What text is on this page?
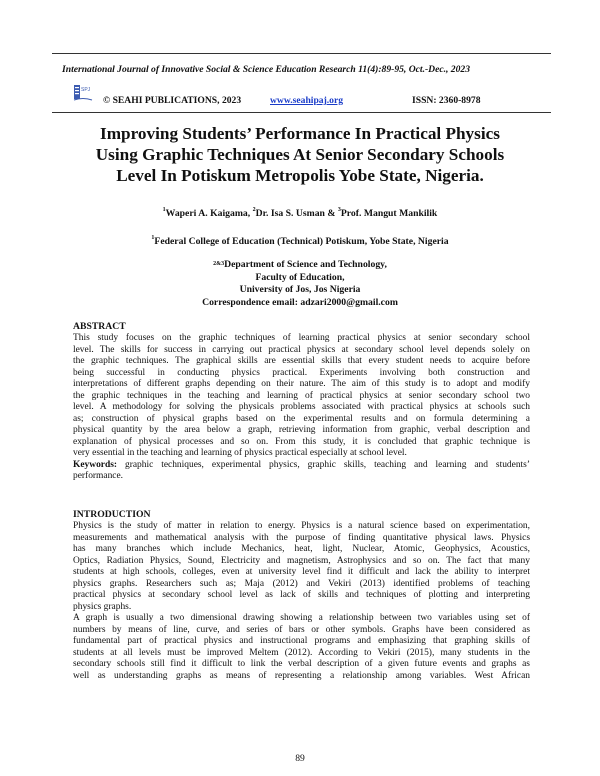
International Journal of Innovative Social & Science Education Research 11(4):89-95, Oct.-Dec., 2023
SPJ
© SEAHI PUBLICATIONS, 2023	www.seahipaj.org	ISSN: 2360-8978
Improving Students’ Performance In Practical Physics
Using Graphic Techniques At Senior Secondary Schools
Level In Potiskum Metropolis Yobe State, Nigeria.
$^1$Waperi A. Kaigama, $^2$Dr. Isa S. Usman & $^3$Prof. Mangut Mankilik
$^1$Federal College of Education (Technical) Potiskum, Yobe State, Nigeria
$^{2\&3}$Department of Science and Technology,
Faculty of Education,
University of Jos, Jos Nigeria
Correspondence email: adzari2000@gmail.com
ABSTRACT
This study focuses on the graphic techniques of learning practical physics at senior secondary school
level. The skills for success in carrying out practical physics at secondary school level depends solely on
the graphic techniques. The graphical skills are essential skills that every student needs to acquire before
being successful in conducting physics practical. Experiments involving both construction and
interpretations of different graphs depending on their nature. The aim of this study is to adopt and modify
the graphic techniques in the teaching and learning of practical physics at senior secondary school two
level. A methodology for solving the physicals problems associated with practical physics at schools such
as; construction of physical graphs based on the experimental results and on formula determining a
physical quantity by the area below a graph, retrieving information from graphic, verbal description and
explanation of physical processes and so on. From this study, it is concluded that graphic technique is
very essential in the teaching and learning of physics practical especially at school level.
Keywords: graphic techniques, experimental physics, graphic skills, teaching and learning and students’
performance.
INTRODUCTION
Physics is the study of matter in relation to energy. Physics is a natural science based on experimentation,
measurements and mathematical analysis with the purpose of finding quantitative physical laws. Physics
has many branches which include Mechanics, heat, light, Nuclear, Atomic, Geophysics, Acoustics,
Optics, Radiation Physics, Sound, Electricity and magnetism, Astrophysics and so on. The fact that many
students at high schools, colleges, even at university level find it difficult and lack the ability to interpret
physics graphs. Researchers such as; Maja (2012) and Vekiri (2013) identified problems of teaching
practical physics at secondary school level as lack of skills and techniques of plotting and interpreting
physics graphs.
A graph is usually a two dimensional drawing showing a relationship between two variables using set of
numbers by means of line, curve, and series of bars or other symbols. Graphs have been considered as
fundamental part of practical physics and instructional programs and emphasizing that graphing skills of
students at all levels must be improved Meltem (2012). According to Vekiri (2015), many students in the
secondary schools still find it difficult to link the verbal description of a given future events and graphs as
well as understanding graphs as means of representing a relationship among variables. West African
89
